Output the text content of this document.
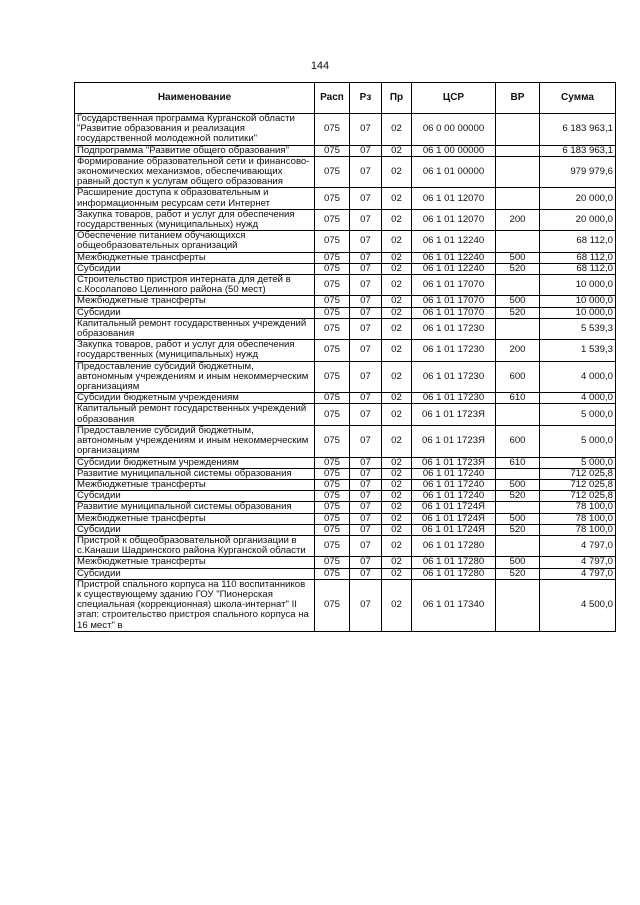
144
Наименование	Расп	Рз	Пр	ЦСР	ВР	Сумма
Государственная программа Курганской области "Развитие образования и реализация государственной молодежной политики"	075	07	02	06 0 00 00000		6 183 963,1
Подпрограмма "Развитие общего образования"	075	07	02	06 1 00 00000		6 183 963,1
Формирование образовательной сети и финансово-экономических механизмов, обеспечивающих равный доступ к услугам общего образования	075	07	02	06 1 01 00000		979 979,6
Расширение доступа к образовательным и информационным ресурсам сети Интернет	075	07	02	06 1 01 12070		20 000,0
Закупка товаров, работ и услуг для обеспечения государственных (муниципальных) нужд	075	07	02	06 1 01 12070	200	20 000,0
Обеспечение питанием обучающихся общеобразовательных организаций	075	07	02	06 1 01 12240		68 112,0
Межбюджетные трансферты	075	07	02	06 1 01 12240	500	68 112,0
Субсидии	075	07	02	06 1 01 12240	520	68 112,0
Строительство пристроя интерната для детей в с.Косолапово Целинного района (50 мест)	075	07	02	06 1 01 17070		10 000,0
Межбюджетные трансферты	075	07	02	06 1 01 17070	500	10 000,0
Субсидии	075	07	02	06 1 01 17070	520	10 000,0
Капитальный ремонт государственных учреждений образования	075	07	02	06 1 01 17230		5 539,3
Закупка товаров, работ и услуг для обеспечения государственных (муниципальных) нужд	075	07	02	06 1 01 17230	200	1 539,3
Предоставление субсидий бюджетным, автономным учреждениям и иным некоммерческим организациям	075	07	02	06 1 01 17230	600	4 000,0
Субсидии бюджетным учреждениям	075	07	02	06 1 01 17230	610	4 000,0
Капитальный ремонт государственных учреждений образования	075	07	02	06 1 01 1723Я		5 000,0
Предоставление субсидий бюджетным, автономным учреждениям и иным некоммерческим организациям	075	07	02	06 1 01 1723Я	600	5 000,0
Субсидии бюджетным учреждениям	075	07	02	06 1 01 1723Я	610	5 000,0
Развитие муниципальной системы образования	075	07	02	06 1 01 17240		712 025,8
Межбюджетные трансферты	075	07	02	06 1 01 17240	500	712 025,8
Субсидии	075	07	02	06 1 01 17240	520	712 025,8
Развитие муниципальной системы образования	075	07	02	06 1 01 1724Я		78 100,0
Межбюджетные трансферты	075	07	02	06 1 01 1724Я	500	78 100,0
Субсидии	075	07	02	06 1 01 1724Я	520	78 100,0
Пристрой к общеобразовательной организации в с.Канаши Шадринского района Курганской области	075	07	02	06 1 01 17280		4 797,0
Межбюджетные трансферты	075	07	02	06 1 01 17280	500	4 797,0
Субсидии	075	07	02	06 1 01 17280	520	4 797,0
Пристрой спального корпуса на 110 воспитанников к существующему зданию ГОУ "Пионерская специальная (коррекционная) школа-интернат" II этап: строительство пристроя спального корпуса на 16 мест" в	075	07	02	06 1 01 17340		4 500,0
